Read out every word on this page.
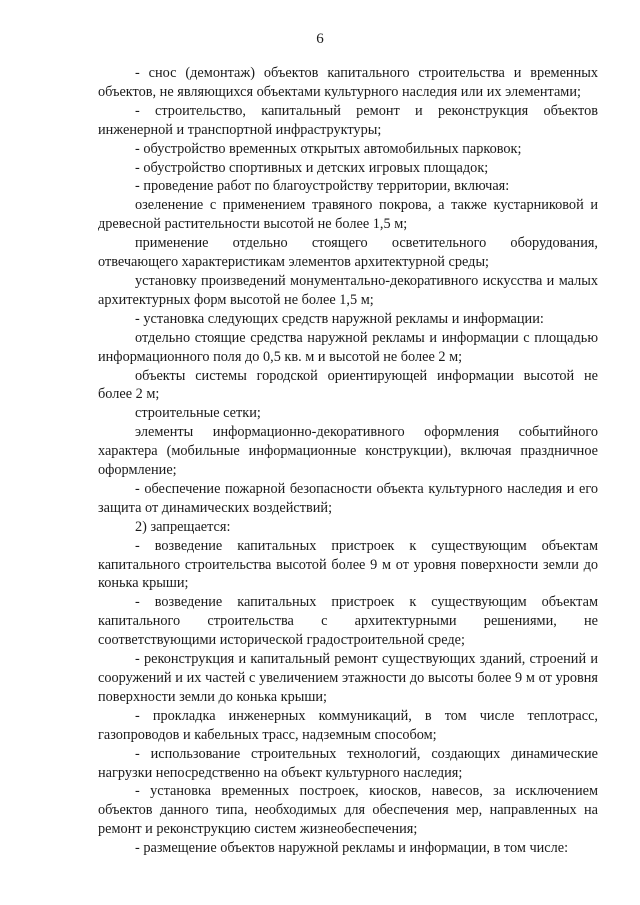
6

- снос (демонтаж) объектов капитального строительства и временных объектов, не являющихся объектами культурного наследия или их элементами;

- строительство, капитальный ремонт и реконструкция объектов инженерной и транспортной инфраструктуры;

- обустройство временных открытых автомобильных парковок;

- обустройство спортивных и детских игровых площадок;

- проведение работ по благоустройству территории, включая:

озеленение с применением травяного покрова, а также кустарниковой и древесной растительности высотой не более 1,5 м;

применение отдельно стоящего осветительного оборудования, отвечающего характеристикам элементов архитектурной среды;

установку произведений монументально-декоративного искусства и малых архитектурных форм высотой не более 1,5 м;

- установка следующих средств наружной рекламы и информации:

отдельно стоящие средства наружной рекламы и информации с площадью информационного поля до 0,5 кв. м и высотой не более 2 м;

объекты системы городской ориентирующей информации высотой не более 2 м;

строительные сетки;

элементы информационно-декоративного оформления событийного характера (мобильные информационные конструкции), включая праздничное оформление;

- обеспечение пожарной безопасности объекта культурного наследия и его защита от динамических воздействий;

2) запрещается:

- возведение капитальных пристроек к существующим объектам капитального строительства высотой более 9 м от уровня поверхности земли до конька крыши;

- возведение капитальных пристроек к существующим объектам капитального строительства с архитектурными решениями, не соответствующими исторической градостроительной среде;

- реконструкция и капитальный ремонт существующих зданий, строений и сооружений и их частей с увеличением этажности до высоты более 9 м от уровня поверхности земли до конька крыши;

- прокладка инженерных коммуникаций, в том числе теплотрасс, газопроводов и кабельных трасс, надземным способом;

- использование строительных технологий, создающих динамические нагрузки непосредственно на объект культурного наследия;

- установка временных построек, киосков, навесов, за исключением объектов данного типа, необходимых для обеспечения мер, направленных на ремонт и реконструкцию систем жизнеобеспечения;

- размещение объектов наружной рекламы и информации, в том числе:
